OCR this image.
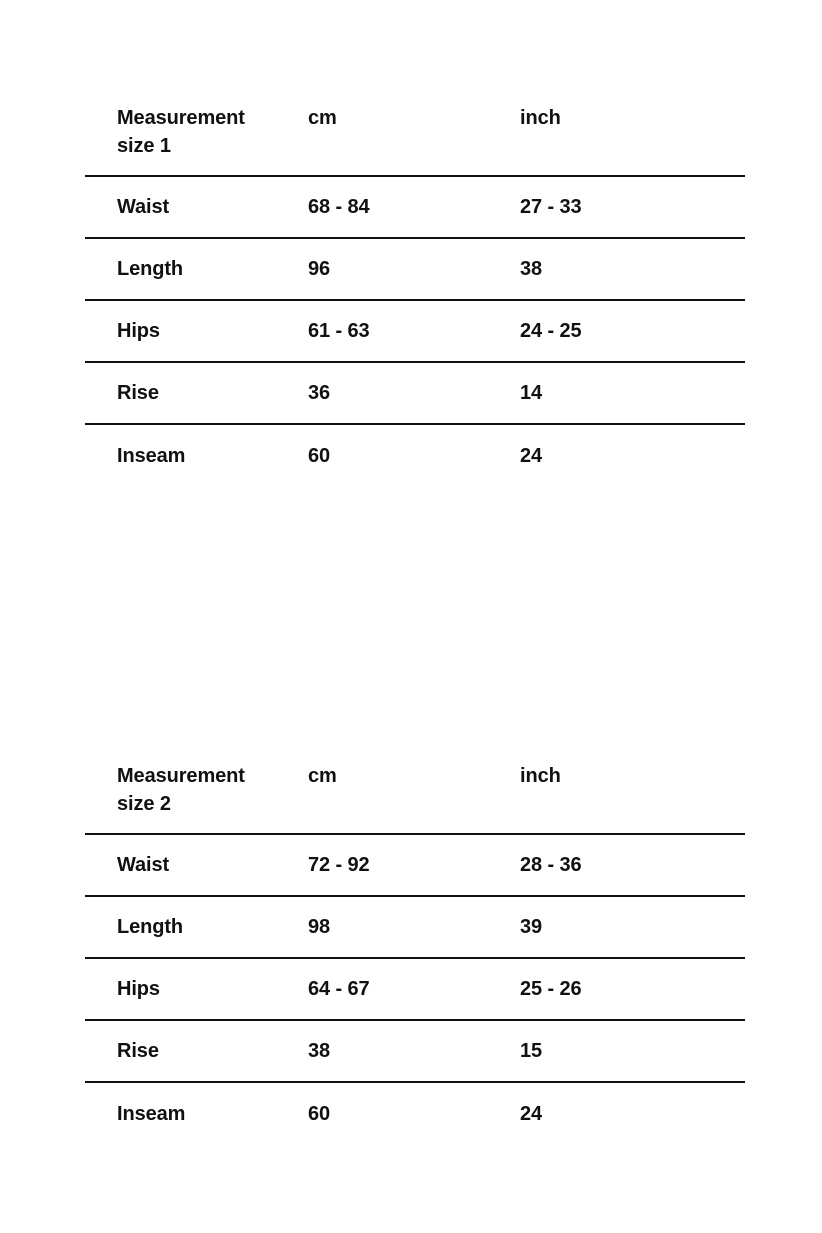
Measurement
size 1
cm	inch
Waist	68 - 84	27 - 33
Length	96	38
Hips	61 - 63	24 - 25
Rise	36	14
Inseam	60	24
Measurement
size 2
cm	inch
Waist	72 - 92	28 - 36
Length	98	39
Hips	64 - 67	25 - 26
Rise	38	15
Inseam	60	24
